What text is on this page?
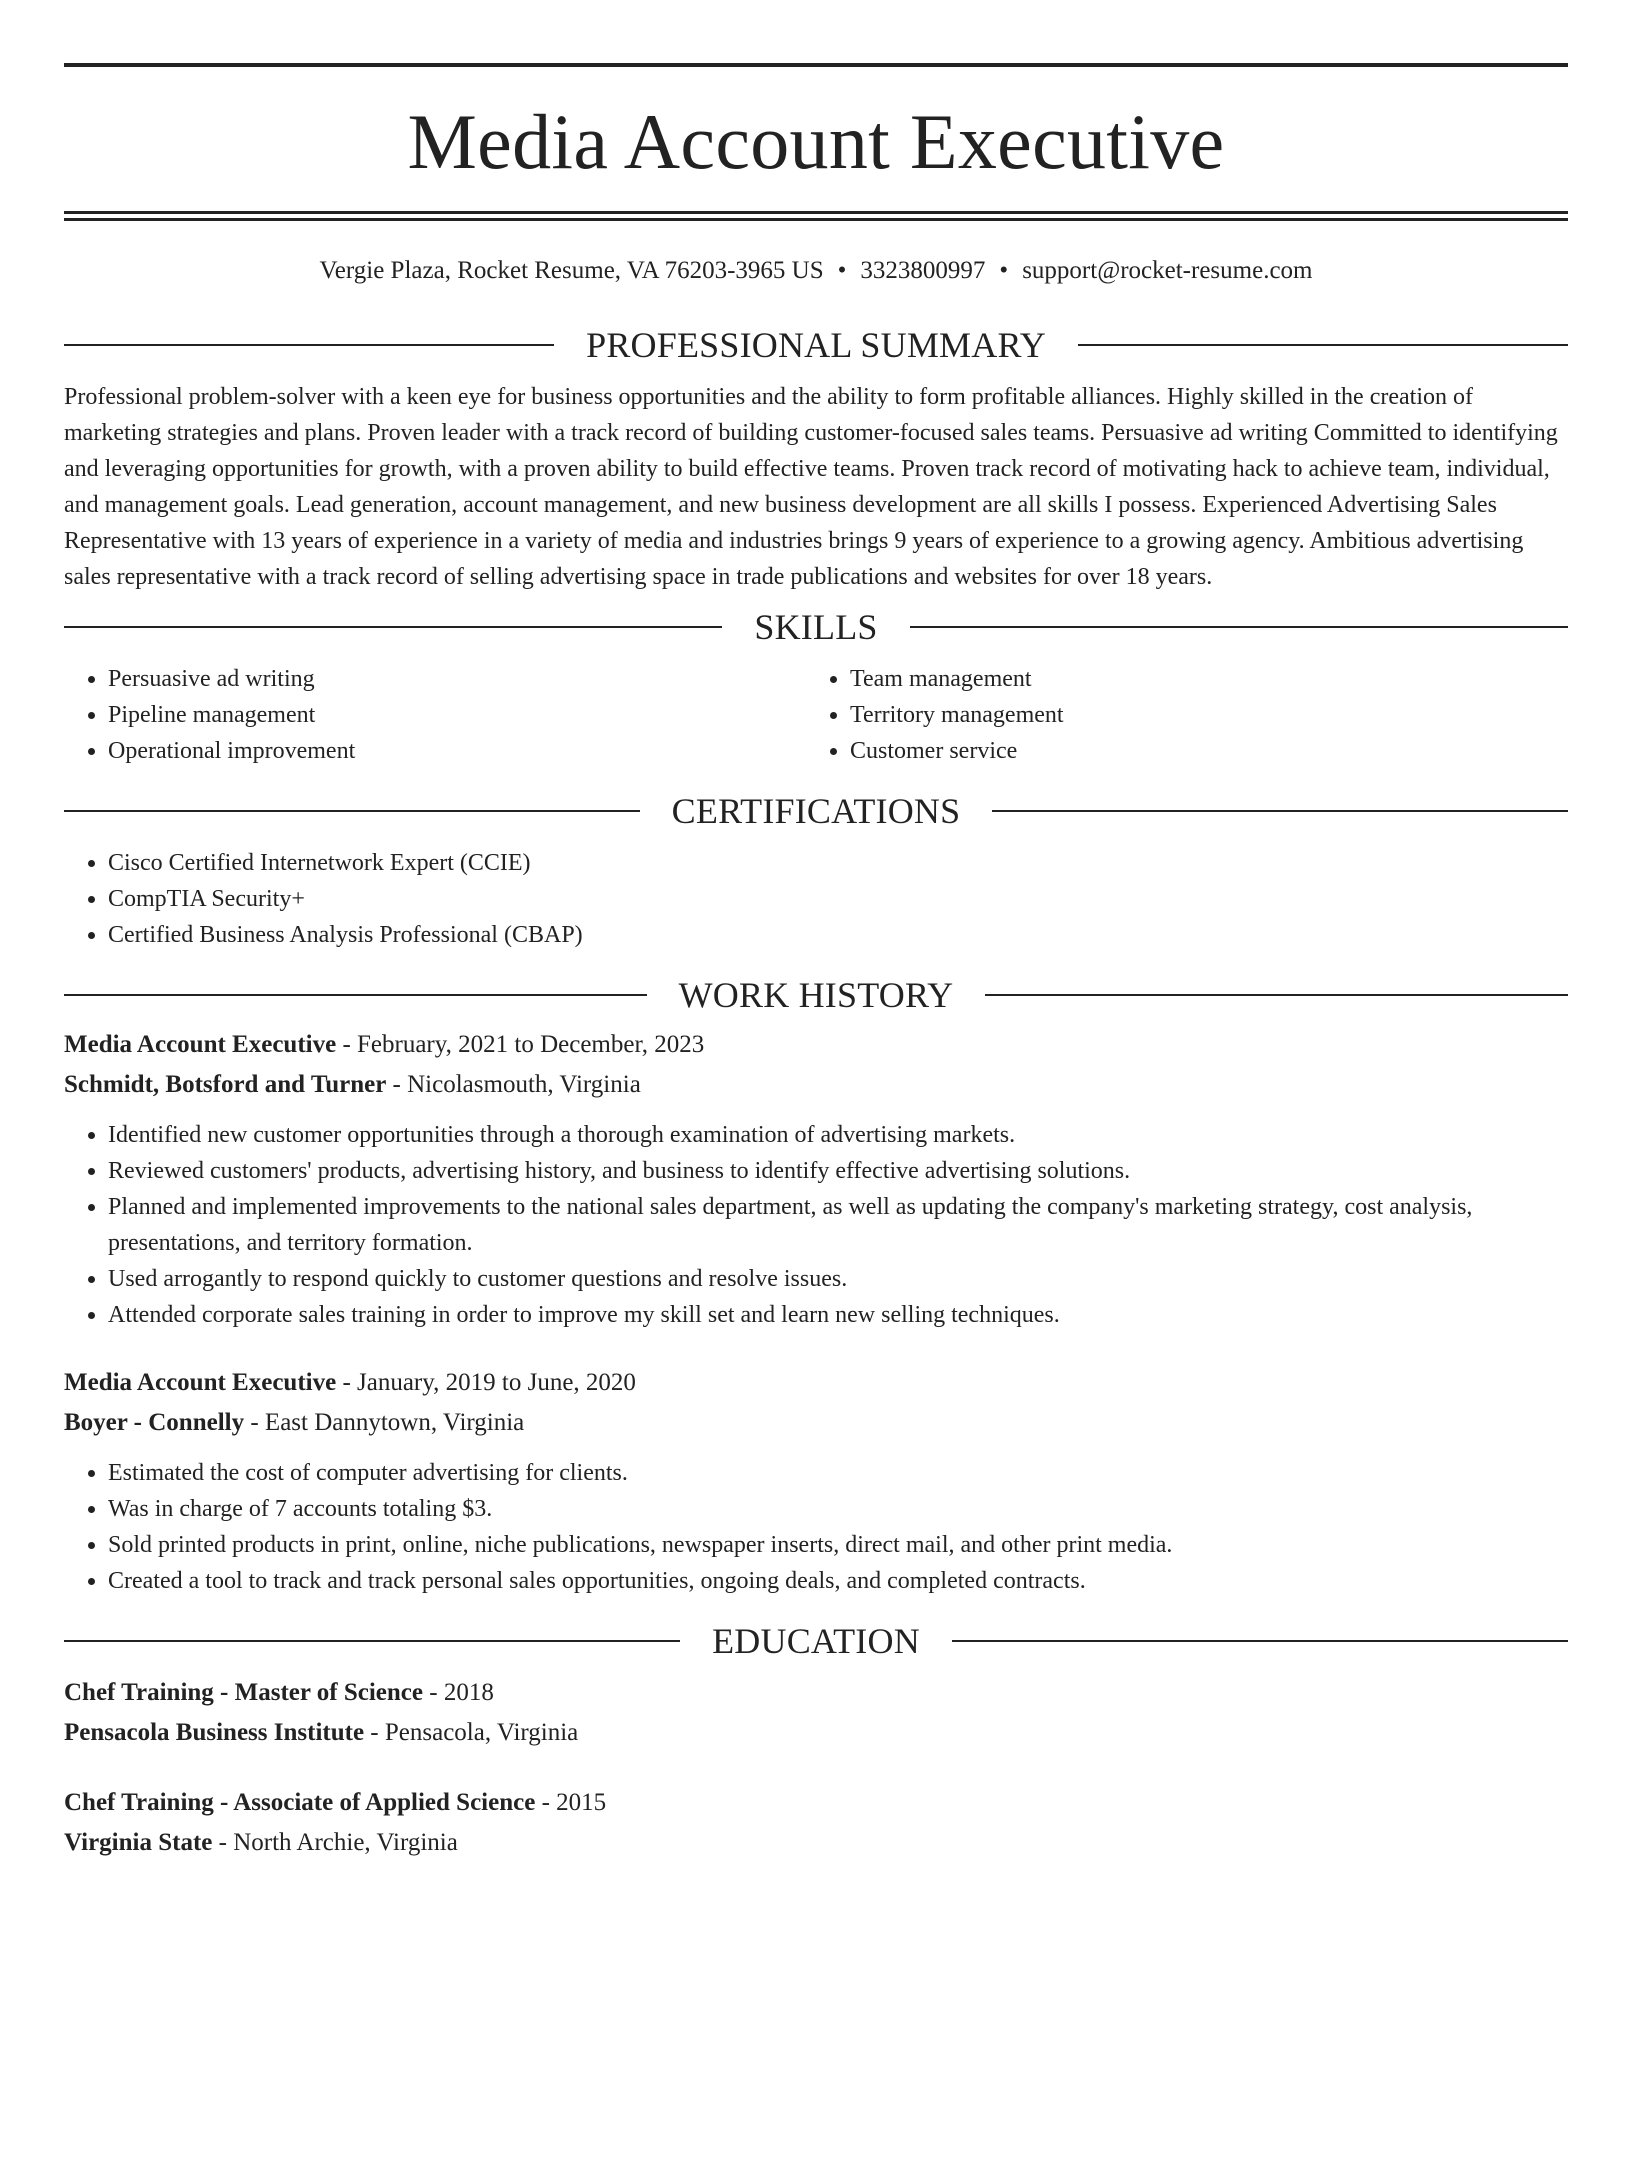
Media Account Executive
Vergie Plaza, Rocket Resume, VA 76203-3965 US • 3323800997 • support@rocket-resume.com
PROFESSIONAL SUMMARY

Professional problem-solver with a keen eye for business opportunities and the ability to form profitable alliances. Highly skilled in the creation of marketing strategies and plans. Proven leader with a track record of building customer-focused sales teams. Persuasive ad writing Committed to identifying and leveraging opportunities for growth, with a proven ability to build effective teams. Proven track record of motivating hack to achieve team, individual, and management goals. Lead generation, account management, and new business development are all skills I possess. Experienced Advertising Sales Representative with 13 years of experience in a variety of media and industries brings 9 years of experience to a growing agency. Ambitious advertising sales representative with a track record of selling advertising space in trade publications and websites for over 18 years.

SKILLS
• Persuasive ad writing
• Pipeline management
• Operational improvement
• Team management
• Territory management
• Customer service
CERTIFICATIONS
• Cisco Certified Internetwork Expert (CCIE)
• CompTIA Security+
• Certified Business Analysis Professional (CBAP)
WORK HISTORY
Media Account Executive - February, 2021 to December, 2023
Schmidt, Botsford and Turner - Nicolasmouth, Virginia
• Identified new customer opportunities through a thorough examination of advertising markets.
• Reviewed customers' products, advertising history, and business to identify effective advertising solutions.
• Planned and implemented improvements to the national sales department, as well as updating the company's marketing strategy, cost analysis, presentations, and territory formation.
• Used arrogantly to respond quickly to customer questions and resolve issues.
• Attended corporate sales training in order to improve my skill set and learn new selling techniques.
Media Account Executive - January, 2019 to June, 2020
Boyer - Connelly - East Dannytown, Virginia
• Estimated the cost of computer advertising for clients.
• Was in charge of 7 accounts totaling $3.
• Sold printed products in print, online, niche publications, newspaper inserts, direct mail, and other print media.
• Created a tool to track and track personal sales opportunities, ongoing deals, and completed contracts.
EDUCATION
Chef Training - Master of Science - 2018
Pensacola Business Institute - Pensacola, Virginia
Chef Training - Associate of Applied Science - 2015
Virginia State - North Archie, Virginia
